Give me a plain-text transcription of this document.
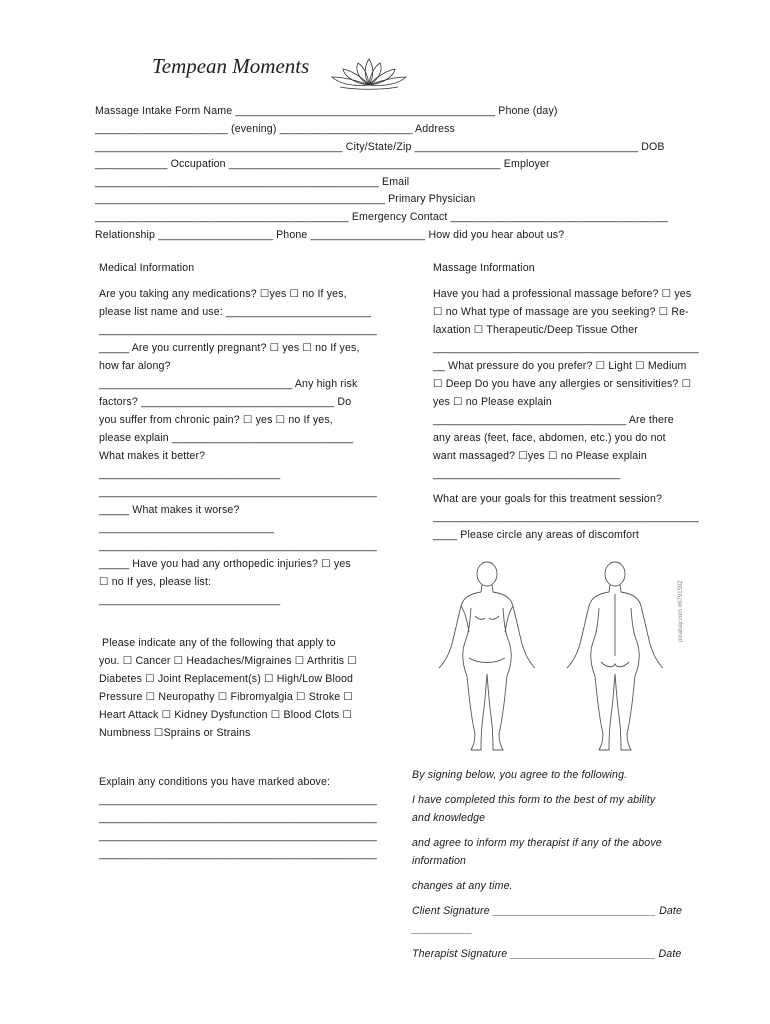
Tempean Moments
Massage Intake Form Name ___________________________________________ Phone (day)
______________________ (evening) ______________________ Address
_________________________________________ City/State/Zip _____________________________________ DOB
____________ Occupation _____________________________________________ Employer
_______________________________________________ Email
________________________________________________ Primary Physician
__________________________________________ Emergency Contact ____________________________________
Relationship ___________________ Phone ___________________ How did you hear about us?
Medical Information
Are you taking any medications? ☐yes ☐ no If yes,
please list name and use: ________________________
______________________________________________
_____ Are you currently pregnant? ☐ yes ☐ no If yes,
how far along?
________________________________ Any high risk
factors? ________________________________ Do
you suffer from chronic pain? ☐ yes ☐ no If yes,
please explain ______________________________
What makes it better?
______________________________
______________________________________________
_____ What makes it worse?
_____________________________
______________________________________________
_____ Have you had any orthopedic injuries? ☐ yes
☐ no If yes, please list:
______________________________
Please indicate any of the following that apply to
you. ☐ Cancer ☐ Headaches/Migraines ☐ Arthritis ☐
Diabetes ☐ Joint Replacement(s) ☐ High/Low Blood
Pressure ☐ Neuropathy ☐ Fibromyalgia ☐ Stroke ☐
Heart Attack ☐ Kidney Dysfunction ☐ Blood Clots ☐
Numbness ☐Sprains or Strains
Explain any conditions you have marked above:
______________________________________________
______________________________________________
______________________________________________
______________________________________________
Massage Information
Have you had a professional massage before? ☐ yes
☐ no What type of massage are you seeking? ☐ Re-
laxation ☐ Therapeutic/Deep Tissue Other
____________________________________________
__ What pressure do you prefer? ☐ Light ☐ Medium
☐ Deep Do you have any allergies or sensitivities? ☐
yes ☐ no Please explain
________________________________ Are there
any areas (feet, face, abdomen, etc.) you do not
want massaged? ☐yes ☐ no Please explain
_______________________________
What are your goals for this treatment session?
____________________________________________
____ Please circle any areas of discomfort
pixabay.com #6791592
By signing below, you agree to the following.
I have completed this form to the best of my ability
and knowledge
and agree to inform my therapist if any of the above
information
changes at any time.
Client Signature ___________________________ Date
__________
Therapist Signature ________________________ Date
